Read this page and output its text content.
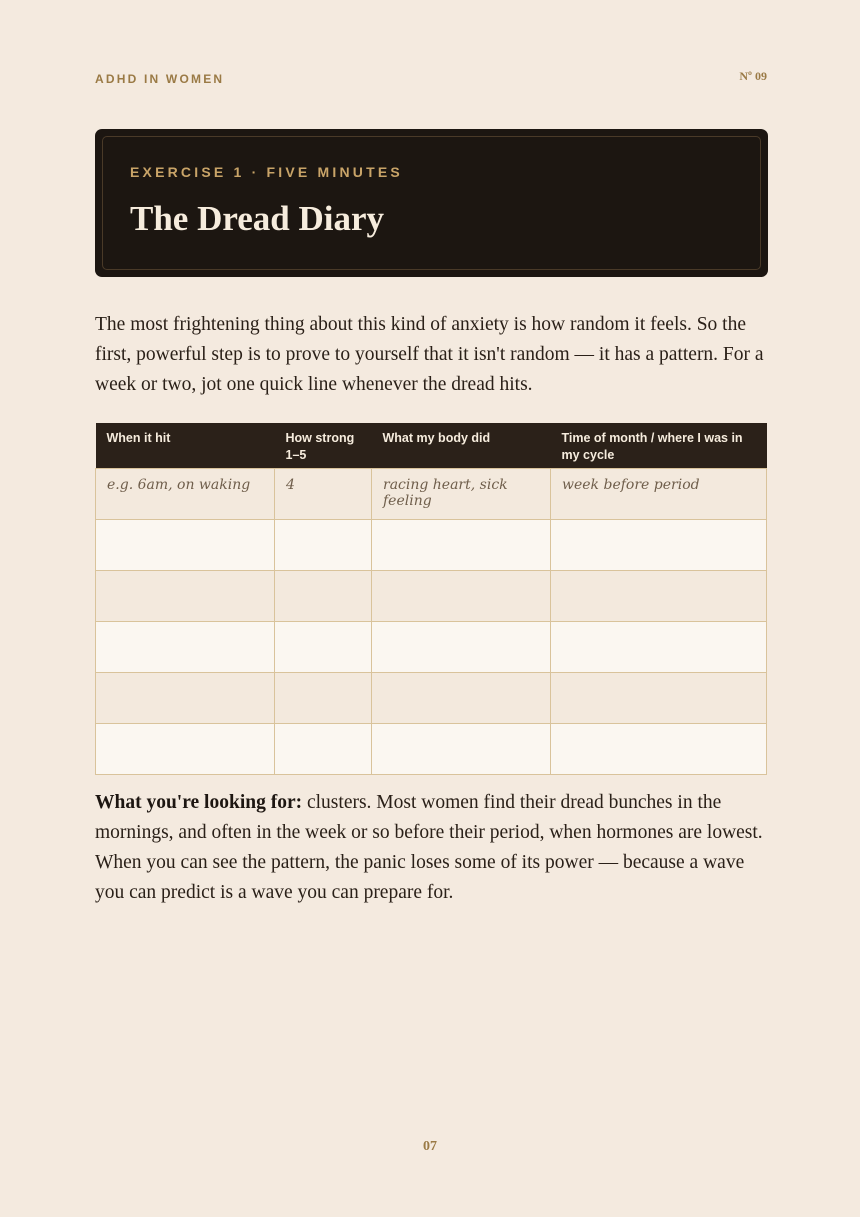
ADHD IN WOMEN	Nº 09
EXERCISE 1 · FIVE MINUTES
The Dread Diary

The most frightening thing about this kind of anxiety is how random it feels. So the first, powerful step is to prove to yourself that it isn't random — it has a pattern. For a week or two, jot one quick line whenever the dread hits.

When it hit	How strong 1–5	What my body did	Time of month / where I was in my cycle
e.g. 6am, on waking	4	racing heart, sick feeling	week before period

What you're looking for: clusters. Most women find their dread bunches in the mornings, and often in the week or so before their period, when hormones are lowest. When you can see the pattern, the panic loses some of its power — because a wave you can predict is a wave you can prepare for.

07
